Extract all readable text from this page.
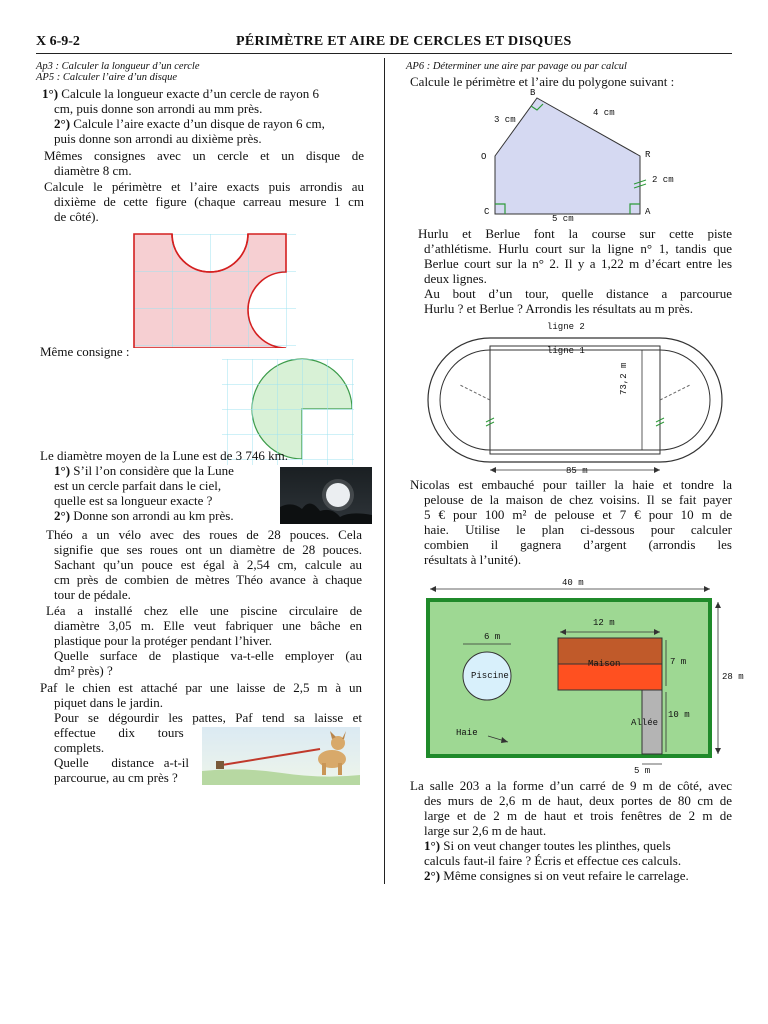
X 6-9-2	PÉRIMÈTRE ET AIRE DE CERCLES ET DISQUES
Ap3 : Calculer la longueur d’un cercle
AP5 : Calculer l’aire d’un disque
1°) Calcule la longueur exacte d’un cercle de rayon 6
cm, puis donne son arrondi au mm près.
2°) Calcule l’aire exacte d’un disque de rayon 6 cm,
puis donne son arrondi au dixième près.
Mêmes consignes avec un cercle et un disque de
diamètre 8 cm.
Calcule le périmètre et l’aire exacts puis arrondis au
dixième de cette figure (chaque carreau mesure 1 cm
de côté).
Même consigne :
Le diamètre moyen de la Lune est de 3 746 km.
1°) S’il l’on considère que la Lune
est un cercle parfait dans le ciel,
quelle est sa longueur exacte ?
2°) Donne son arrondi au km près.
Théo a un vélo avec des roues de 28 pouces. Cela
signifie que ses roues ont un diamètre de 28 pouces.
Sachant qu’un pouce est égal à 2,54 cm, calcule au
cm près de combien de mètres Théo avance à chaque
tour de pédale.
Léa a installé chez elle une piscine circulaire de
diamètre 3,05 m. Elle veut fabriquer une bâche en
plastique pour la protéger pendant l’hiver.
Quelle surface de plastique va-t-elle employer (au
dm² près) ?
Paf le chien est attaché par une laisse de 2,5 m à un
piquet dans le jardin.
Pour se dégourdir les pattes, Paf tend sa laisse et
effectue       dix       tours
complets.
Quelle       distance   a-t-il
parcourue, au cm près ?
AP6 : Déterminer une aire par pavage ou par calcul
Calcule le périmètre et l’aire du polygone suivant :
B
O	R
C	A
3 cm
4 cm
2 cm
5 cm
Hurlu et Berlue font la course sur cette piste
d’athlétisme. Hurlu court sur la ligne n° 1, tandis que
Berlue court sur la n° 2. Il y a 1,22 m d’écart entre les
deux lignes.
Au bout d’un tour, quelle distance a parcourue
Hurlu ? et Berlue ? Arrondis les résultats au m près.
ligne 2
ligne 1
73,2 m
85 m
Nicolas est embauché pour tailler la haie et tondre la
pelouse de la maison de chez voisins. Il se fait payer
5 € pour 100 m² de pelouse et 7 € pour 10 m de
haie. Utilise le plan ci-dessous pour calculer
combien il gagnera d’argent (arrondis les
résultats à l’unité).
40 m
28 m
6 m
12 m
7 m
10 m
5 m
Piscine
Maison
Allée
Haie
La salle 203 a la forme d’un carré de 9 m de côté, avec
des murs de 2,6 m de haut, deux portes de 80 cm de
large et de 2 m de haut et trois fenêtres de 2 m de
large sur 2,6 m de haut.
1°) Si on veut changer toutes les plinthes, quels
calculs faut-il faire ? Écris et effectue ces calculs.
2°) Même consignes si on veut refaire le carrelage.
